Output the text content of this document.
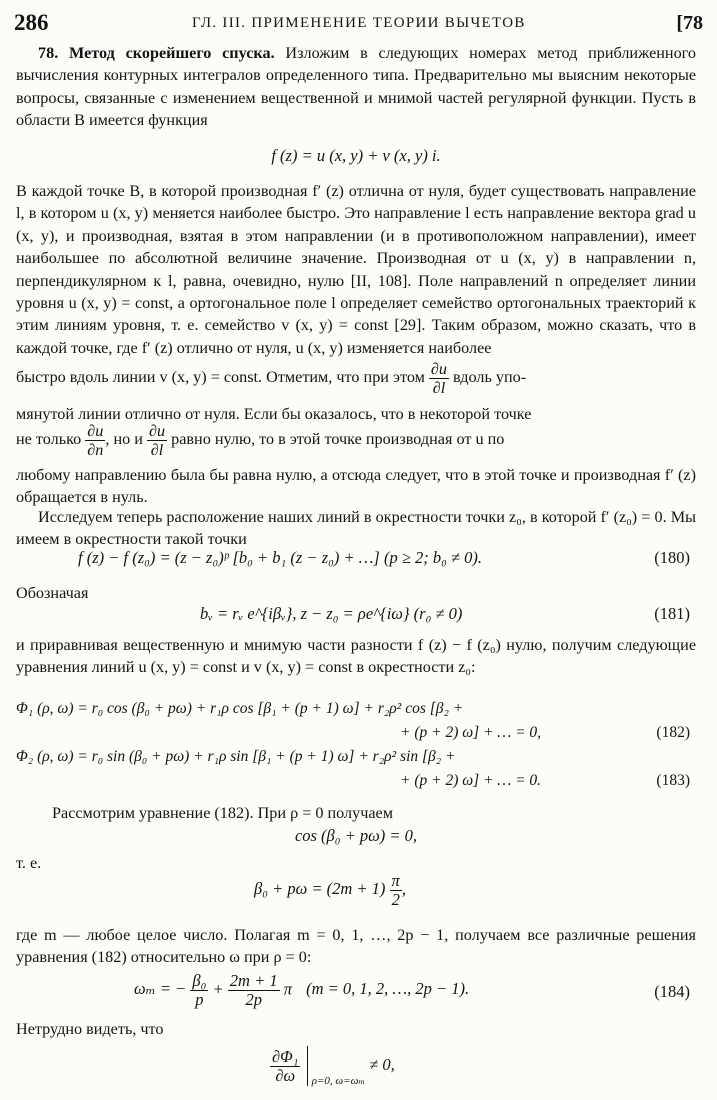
286	ГЛ. III. ПРИМЕНЕНИЕ ТЕОРИИ ВЫЧЕТОВ	[78

78. Метод скорейшего спуска. Изложим в следующих номерах метод приближенного вычисления контурных интегралов определенного типа. Предварительно мы выясним некоторые вопросы, связанные с изменением вещественной и мнимой частей регулярной функции. Пусть в области B имеется функция

f (z) = u (x, y) + v (x, y) i.

В каждой точке B, в которой производная f′ (z) отлична от нуля, будет существовать направление l, в котором u (x, y) меняется наиболее быстро. Это направление l есть направление вектора grad u (x, y), и производная, взятая в этом направлении (и в противоположном направлении), имеет наибольшее по абсолютной величине значение. Производная от u (x, y) в направлении n, перпендикулярном к l, равна, очевидно, нулю [II, 108]. Поле направлений n определяет линии уровня u (x, y) = const, а ортогональное поле l определяет семейство ортогональных траекторий к этим линиям уровня, т. е. семейство v (x, y) = const [29]. Таким образом, можно сказать, что в каждой точке, где f′ (z) отлично от нуля, u (x, y) изменяется наиболее

быстро вдоль линии v (x, y) = const. Отметим, что при этом $\frac{\partial u}{\partial l}$ вдоль упо-

мянутой линии отлично от нуля. Если бы оказалось, что в некоторой точке

не только $\frac{\partial u}{\partial n}$ , но и $\frac{\partial u}{\partial l}$ равно нулю, то в этой точке производная от u по

любому направлению была бы равна нулю, а отсюда следует, что в этой точке и производная f′ (z) обращается в нуль.

Исследуем теперь расположение наших линий в окрестности точки z₀, в которой f′ (z₀) = 0. Мы имеем в окрестности такой точки

f (z) − f (z₀) = (z − z₀)ᵖ [b₀ + b₁ (z − z₀) + …] (p ≥ 2; b₀ ≠ 0).	(180)

Обозначая

bᵥ = rᵥ e^{iβᵥ}, z − z₀ = ρe^{iω} (r₀ ≠ 0)	(181)

и приравнивая вещественную и мнимую части разности f (z) − f (z₀) нулю, получим следующие уравнения линий u (x, y) = const и v (x, y) = const в окрестности z₀:

Φ₁ (ρ, ω) = r₀ cos (β₀ + pω) + r₁ρ cos [β₁ + (p + 1) ω] + r₂ρ² cos [β₂ +
+ (p + 2) ω] + … = 0,	(182)
Φ₂ (ρ, ω) = r₀ sin (β₀ + pω) + r₁ρ sin [β₁ + (p + 1) ω] + r₂ρ² sin [β₂ +
+ (p + 2) ω] + … = 0.	(183)

Рассмотрим уравнение (182). При ρ = 0 получаем

cos (β₀ + pω) = 0,

т. е.

$\beta_0 + p\omega = (2m + 1) \frac{\pi}{2}$ ,

где m — любое целое число. Полагая m = 0, 1, …, 2p − 1, получаем все различные решения уравнения (182) относительно ω при ρ = 0:

ωₘ = − $\frac{\text{β₀}}{p} + \frac{2m + 1}{2p}$ π (m = 0, 1, 2, …, 2p − 1).	(184)

Нетрудно видеть, что

$\frac{\text{∂Φ₁}}{\partial\omega} _{\rho=0, \omega=\omega_m} \ne 0$,
